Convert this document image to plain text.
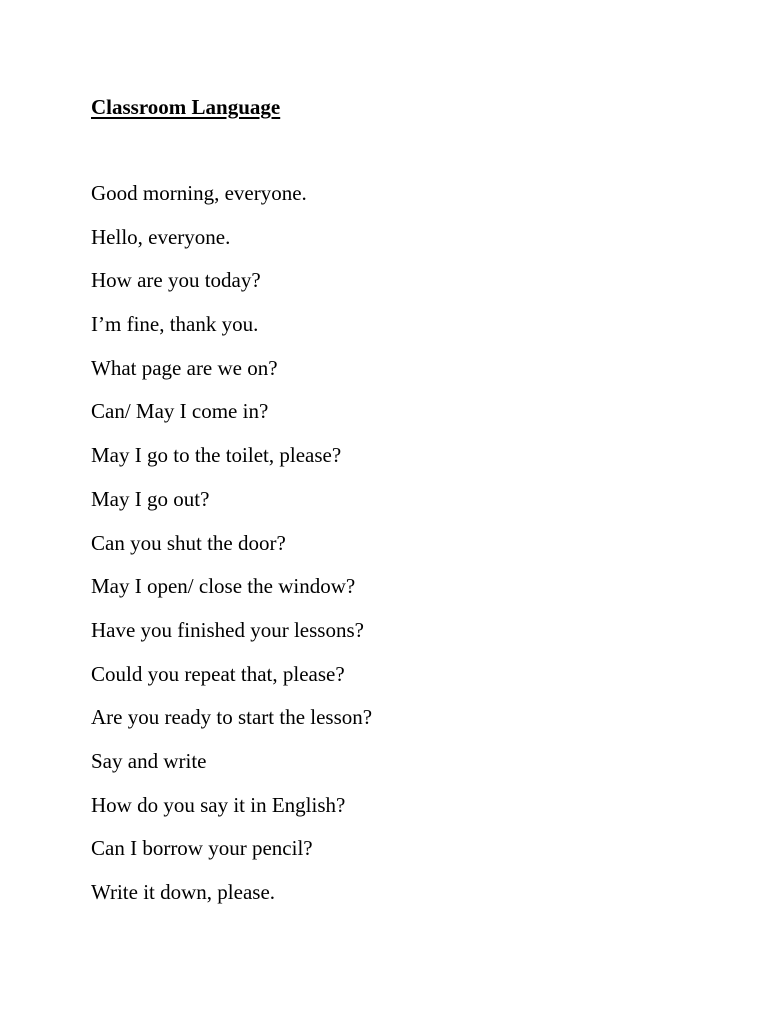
Classroom Language
Good morning, everyone.
Hello, everyone.
How are you today?
I’m fine, thank you.
What page are we on?
Can/ May I come in?
May I go to the toilet, please?
May I go out?
Can you shut the door?
May I open/ close the window?
Have you finished your lessons?
Could you repeat that, please?
Are you ready to start the lesson?
Say and write
How do you say it in English?
Can I borrow your pencil?
Write it down, please.
